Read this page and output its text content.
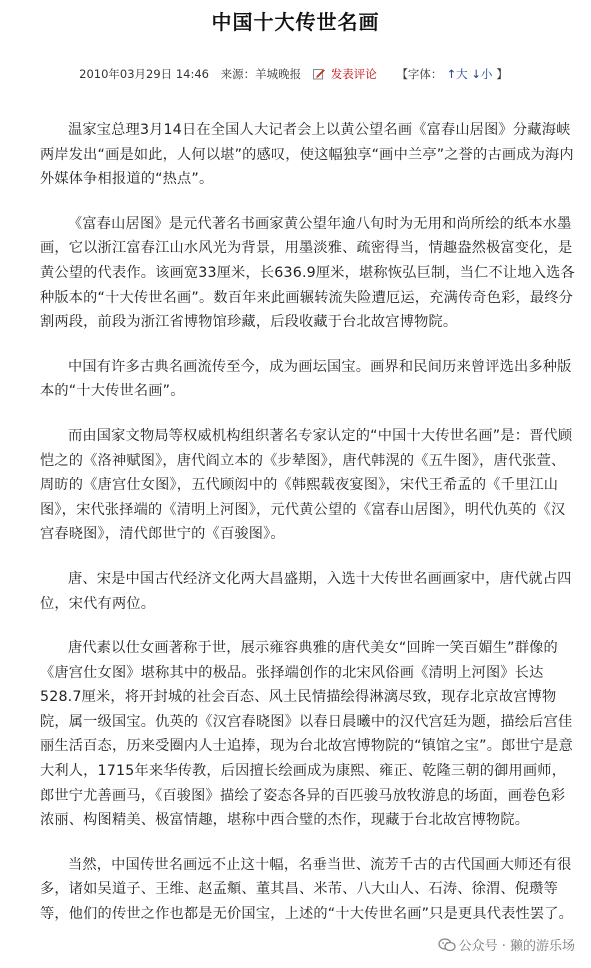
中国十大传世名画
2010年03月29日 14:46 来源：羊城晚报	发表评论 【字体： ↑大 ↓小 】

温家宝总理3月14日在全国人大记者会上以黄公望名画《富春山居图》分藏海峡两岸发出“画是如此，人何以堪”的感叹，使这幅独享“画中兰亭”之誉的古画成为海内外媒体争相报道的“热点”。

《富春山居图》是元代著名书画家黄公望年逾八旬时为无用和尚所绘的纸本水墨画，它以浙江富春江山水风光为背景，用墨淡雅、疏密得当，情趣盎然极富变化，是黄公望的代表作。该画宽33厘米，长636.9厘米，堪称恢弘巨制，当仁不让地入选各种版本的“十大传世名画”。数百年来此画辗转流失险遭厄运，充满传奇色彩，最终分割两段，前段为浙江省博物馆珍藏，后段收藏于台北故宫博物院。

中国有许多古典名画流传至今，成为画坛国宝。画界和民间历来曾评选出多种版本的“十大传世名画”。

而由国家文物局等权威机构组织著名专家认定的“中国十大传世名画”是：晋代顾恺之的《洛神赋图》，唐代阎立本的《步辇图》，唐代韩滉的《五牛图》，唐代张萱、周昉的《唐宫仕女图》，五代顾闳中的《韩熙载夜宴图》，宋代王希孟的《千里江山图》，宋代张择端的《清明上河图》，元代黄公望的《富春山居图》，明代仇英的《汉宫春晓图》，清代郎世宁的《百骏图》。

唐、宋是中国古代经济文化两大昌盛期，入选十大传世名画画家中，唐代就占四位，宋代有两位。

唐代素以仕女画著称于世，展示雍容典雅的唐代美女“回眸一笑百媚生”群像的《唐宫仕女图》堪称其中的极品。张择端创作的北宋风俗画《清明上河图》长达528.7厘米，将开封城的社会百态、风土民情描绘得淋漓尽致，现存北京故宫博物院，属一级国宝。仇英的《汉宫春晓图》以春日晨曦中的汉代宫廷为题，描绘后宫佳丽生活百态，历来受圈内人士追捧，现为台北故宫博物院的“镇馆之宝”。郎世宁是意大利人，1715年来华传教，后因擅长绘画成为康熙、雍正、乾隆三朝的御用画师，郎世宁尤善画马，《百骏图》描绘了姿态各异的百匹骏马放牧游息的场面，画卷色彩浓丽、构图精美、极富情趣，堪称中西合璧的杰作，现藏于台北故宫博物院。

当然，中国传世名画远不止这十幅，名垂当世、流芳千古的古代国画大师还有很多，诸如吴道子、王维、赵孟頫、董其昌、米芾、八大山人、石涛、徐渭、倪瓒等等，他们的传世之作也都是无价国宝，上述的“十大传世名画”只是更具代表性罢了。

公众号 · 獭的游乐场
